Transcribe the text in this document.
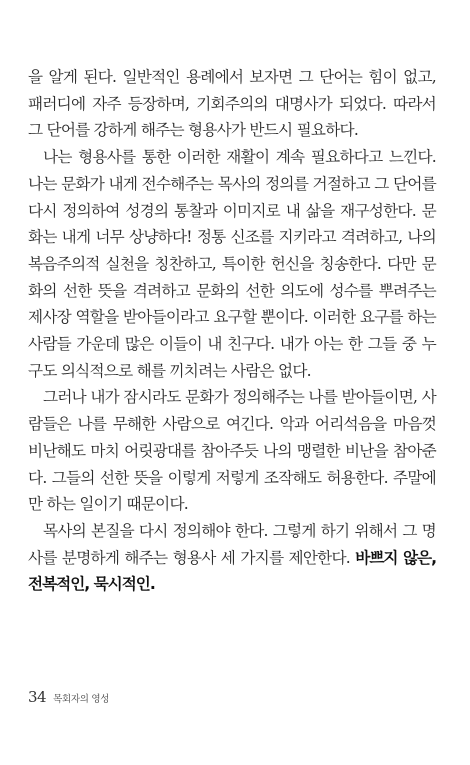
을 알게 된다. 일반적인 용례에서 보자면 그 단어는 힘이 없고, 패러디에 자주 등장하며, 기회주의의 대명사가 되었다. 따라서 그 단어를 강하게 해주는 형용사가 반드시 필요하다.

나는 형용사를 통한 이러한 재활이 계속 필요하다고 느낀다. 나는 문화가 내게 전수해주는 목사의 정의를 거절하고 그 단어를 다시 정의하여 성경의 통찰과 이미지로 내 삶을 재구성한다. 문화는 내게 너무 상냥하다! 정통 신조를 지키라고 격려하고, 나의 복음주의적 실천을 칭찬하고, 특이한 헌신을 칭송한다. 다만 문화의 선한 뜻을 격려하고 문화의 선한 의도에 성수를 뿌려주는 제사장 역할을 받아들이라고 요구할 뿐이다. 이러한 요구를 하는 사람들 가운데 많은 이들이 내 친구다. 내가 아는 한 그들 중 누구도 의식적으로 해를 끼치려는 사람은 없다.

그러나 내가 잠시라도 문화가 정의해주는 나를 받아들이면, 사람들은 나를 무해한 사람으로 여긴다. 악과 어리석음을 마음껏 비난해도 마치 어릿광대를 참아주듯 나의 맹렬한 비난을 참아준다. 그들의 선한 뜻을 이렇게 저렇게 조작해도 허용한다. 주말에만 하는 일이기 때문이다.

목사의 본질을 다시 정의해야 한다. 그렇게 하기 위해서 그 명사를 분명하게 해주는 형용사 세 가지를 제안한다. 바쁘지 않은, 전복적인, 묵시적인.

34 목회자의 영성
